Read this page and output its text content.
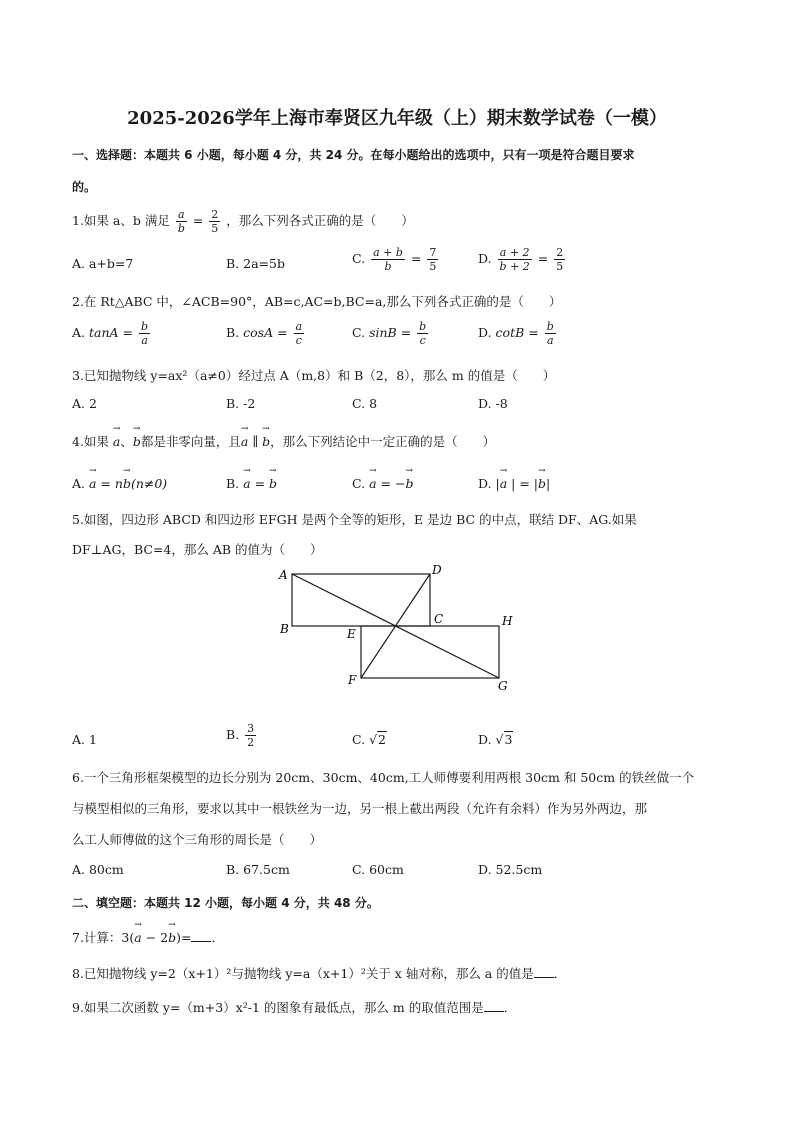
2025-2026学年上海市奉贤区九年级（上）期末数学试卷（一模）
一、选择题：本题共 6 小题，每小题 4 分，共 24 分。在每小题给出的选项中，只有一项是符合题目要求
的。
1.如果 a、b 满足 $\frac{a}{b} = \frac{2}{5}$ ，那么下列各式正确的是（　　）
A. a+b=7	B. 2a=5b	C. $\frac{a + b}{b} = \frac{7}{5}$	D. $\frac{a + 2}{b + 2} = \frac{2}{5}$
2.在 Rt△ABC 中，∠ACB=90°，AB=c,AC=b,BC=a,那么下列各式正确的是（　　）
A. $\tan A = \frac{b}{a}$	B. $\cos A = \frac{a}{c}$	C. $\sin B = \frac{b}{c}$	D. $\cot B = \frac{b}{a}$
3.已知抛物线 y=ax²（a≠0）经过点 A（m,8）和 B（2，8），那么 m 的值是（　　）
A. 2	B. -2	C. 8	D. -8
4.如果 → a、→ b都是非零向量，且→ a ∥ → b，那么下列结论中一定正确的是（　　）
A. → a = n→ b(n≠0)	B. → a = → b	C. → a = −→ b	D. |→ a | = |→ b|
5.如图，四边形 ABCD 和四边形 EFGH 是两个全等的矩形，E 是边 BC 的中点，联结 DF、AG.如果
DF⊥AG，BC=4，那么 AB 的值为（　　）
A	D
B
C
E
H
F	G
A. 1	B. $\frac{3}{2}$	C. √2	D. √3
6.一个三角形框架模型的边长分别为 20cm、30cm、40cm,工人师傅要利用两根 30cm 和 50cm 的铁丝做一个
与模型相似的三角形，要求以其中一根铁丝为一边，另一根上截出两段（允许有余料）作为另外两边，那
么工人师傅做的这个三角形的周长是（　　）
A. 80cm	B. 67.5cm	C. 60cm	D. 52.5cm
二、填空题：本题共 12 小题，每小题 4 分，共 48 分。
7.计算：3(→ a − 2→ b)= ．
8.已知抛物线 y=2（x+1）²与抛物线 y=a（x+1）²关于 x 轴对称，那么 a 的值是 ．
9.如果二次函数 y=（m+3）x²-1 的图象有最低点，那么 m 的取值范围是 ．
